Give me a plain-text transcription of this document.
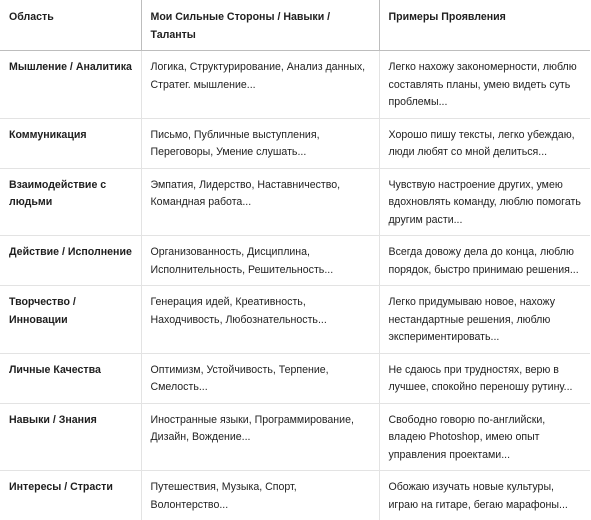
Область	Мои Сильные Стороны / Навыки / Таланты	Примеры Проявления
Мышление / Аналитика	Логика, Структурирование, Анализ данных, Стратег. мышление...	Легко нахожу закономерности, люблю составлять планы, умею видеть суть проблемы...
Коммуникация	Письмо, Публичные выступления, Переговоры, Умение слушать...	Хорошо пишу тексты, легко убеждаю, люди любят со мной делиться...
Взаимодействие с людьми	Эмпатия, Лидерство, Наставничество, Командная работа...	Чувствую настроение других, умею вдохновлять команду, люблю помогать другим расти...
Действие / Исполнение	Организованность, Дисциплина, Исполнительность, Решительность...	Всегда довожу дела до конца, люблю порядок, быстро принимаю решения...
Творчество / Инновации	Генерация идей, Креативность, Находчивость, Любознательность...	Легко придумываю новое, нахожу нестандартные решения, люблю экспериментировать...
Личные Качества	Оптимизм, Устойчивость, Терпение, Смелость...	Не сдаюсь при трудностях, верю в лучшее, спокойно переношу рутину...
Навыки / Знания	Иностранные языки, Программирование, Дизайн, Вождение...	Свободно говорю по-английски, владею Photoshop, имею опыт управления проектами...
Интересы / Страсти	Путешествия, Музыка, Спорт, Волонтерство...	Обожаю изучать новые культуры, играю на гитаре, бегаю марафоны...
